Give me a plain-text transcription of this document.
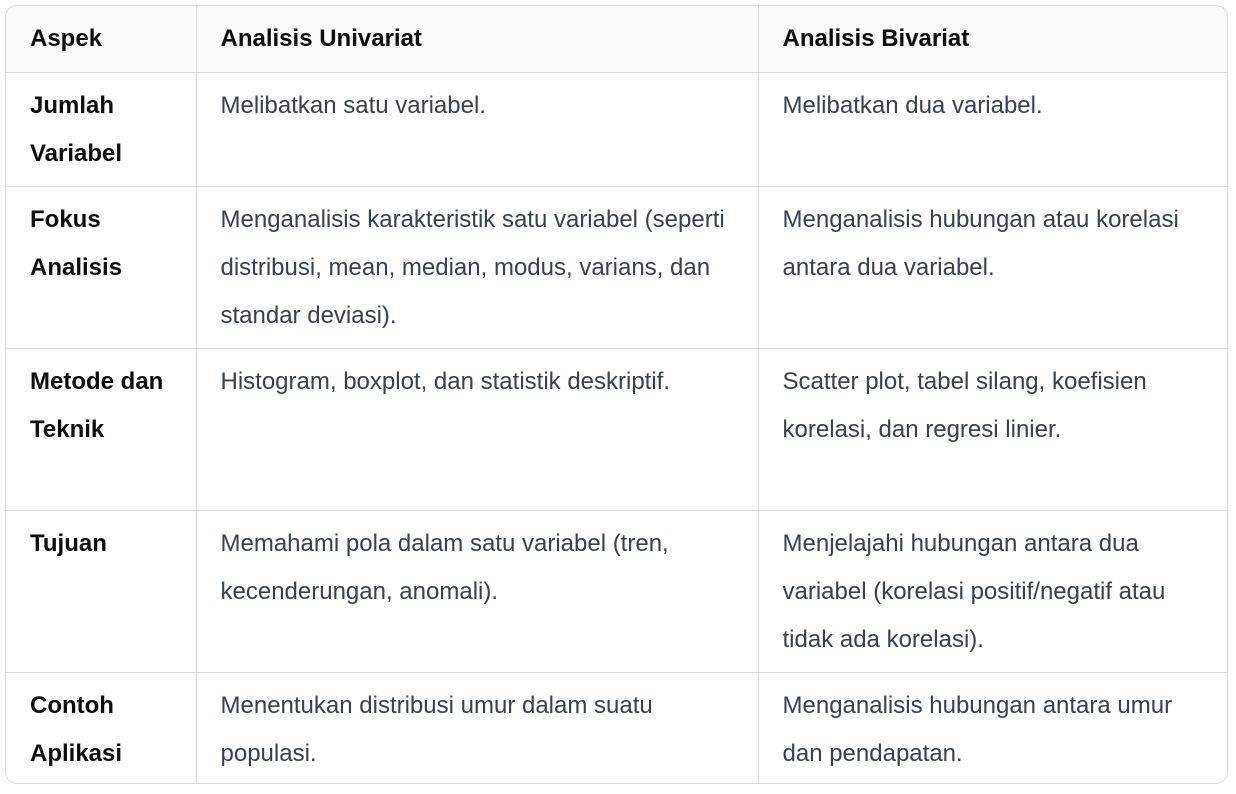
Aspek	Analisis Univariat	Analisis Bivariat
Jumlah Variabel	Melibatkan satu variabel.	Melibatkan dua variabel.
Fokus Analisis	Menganalisis karakteristik satu variabel (seperti distribusi, mean, median, modus, varians, dan standar deviasi).	Menganalisis hubungan atau korelasi antara dua variabel.
Metode dan Teknik	Histogram, boxplot, dan statistik deskriptif.	Scatter plot, tabel silang, koefisien korelasi, dan regresi linier.
Tujuan	Memahami pola dalam satu variabel (tren, kecenderungan, anomali).	Menjelajahi hubungan antara dua variabel (korelasi positif/negatif atau tidak ada korelasi).
Contoh Aplikasi	Menentukan distribusi umur dalam suatu populasi.	Menganalisis hubungan antara umur dan pendapatan.
